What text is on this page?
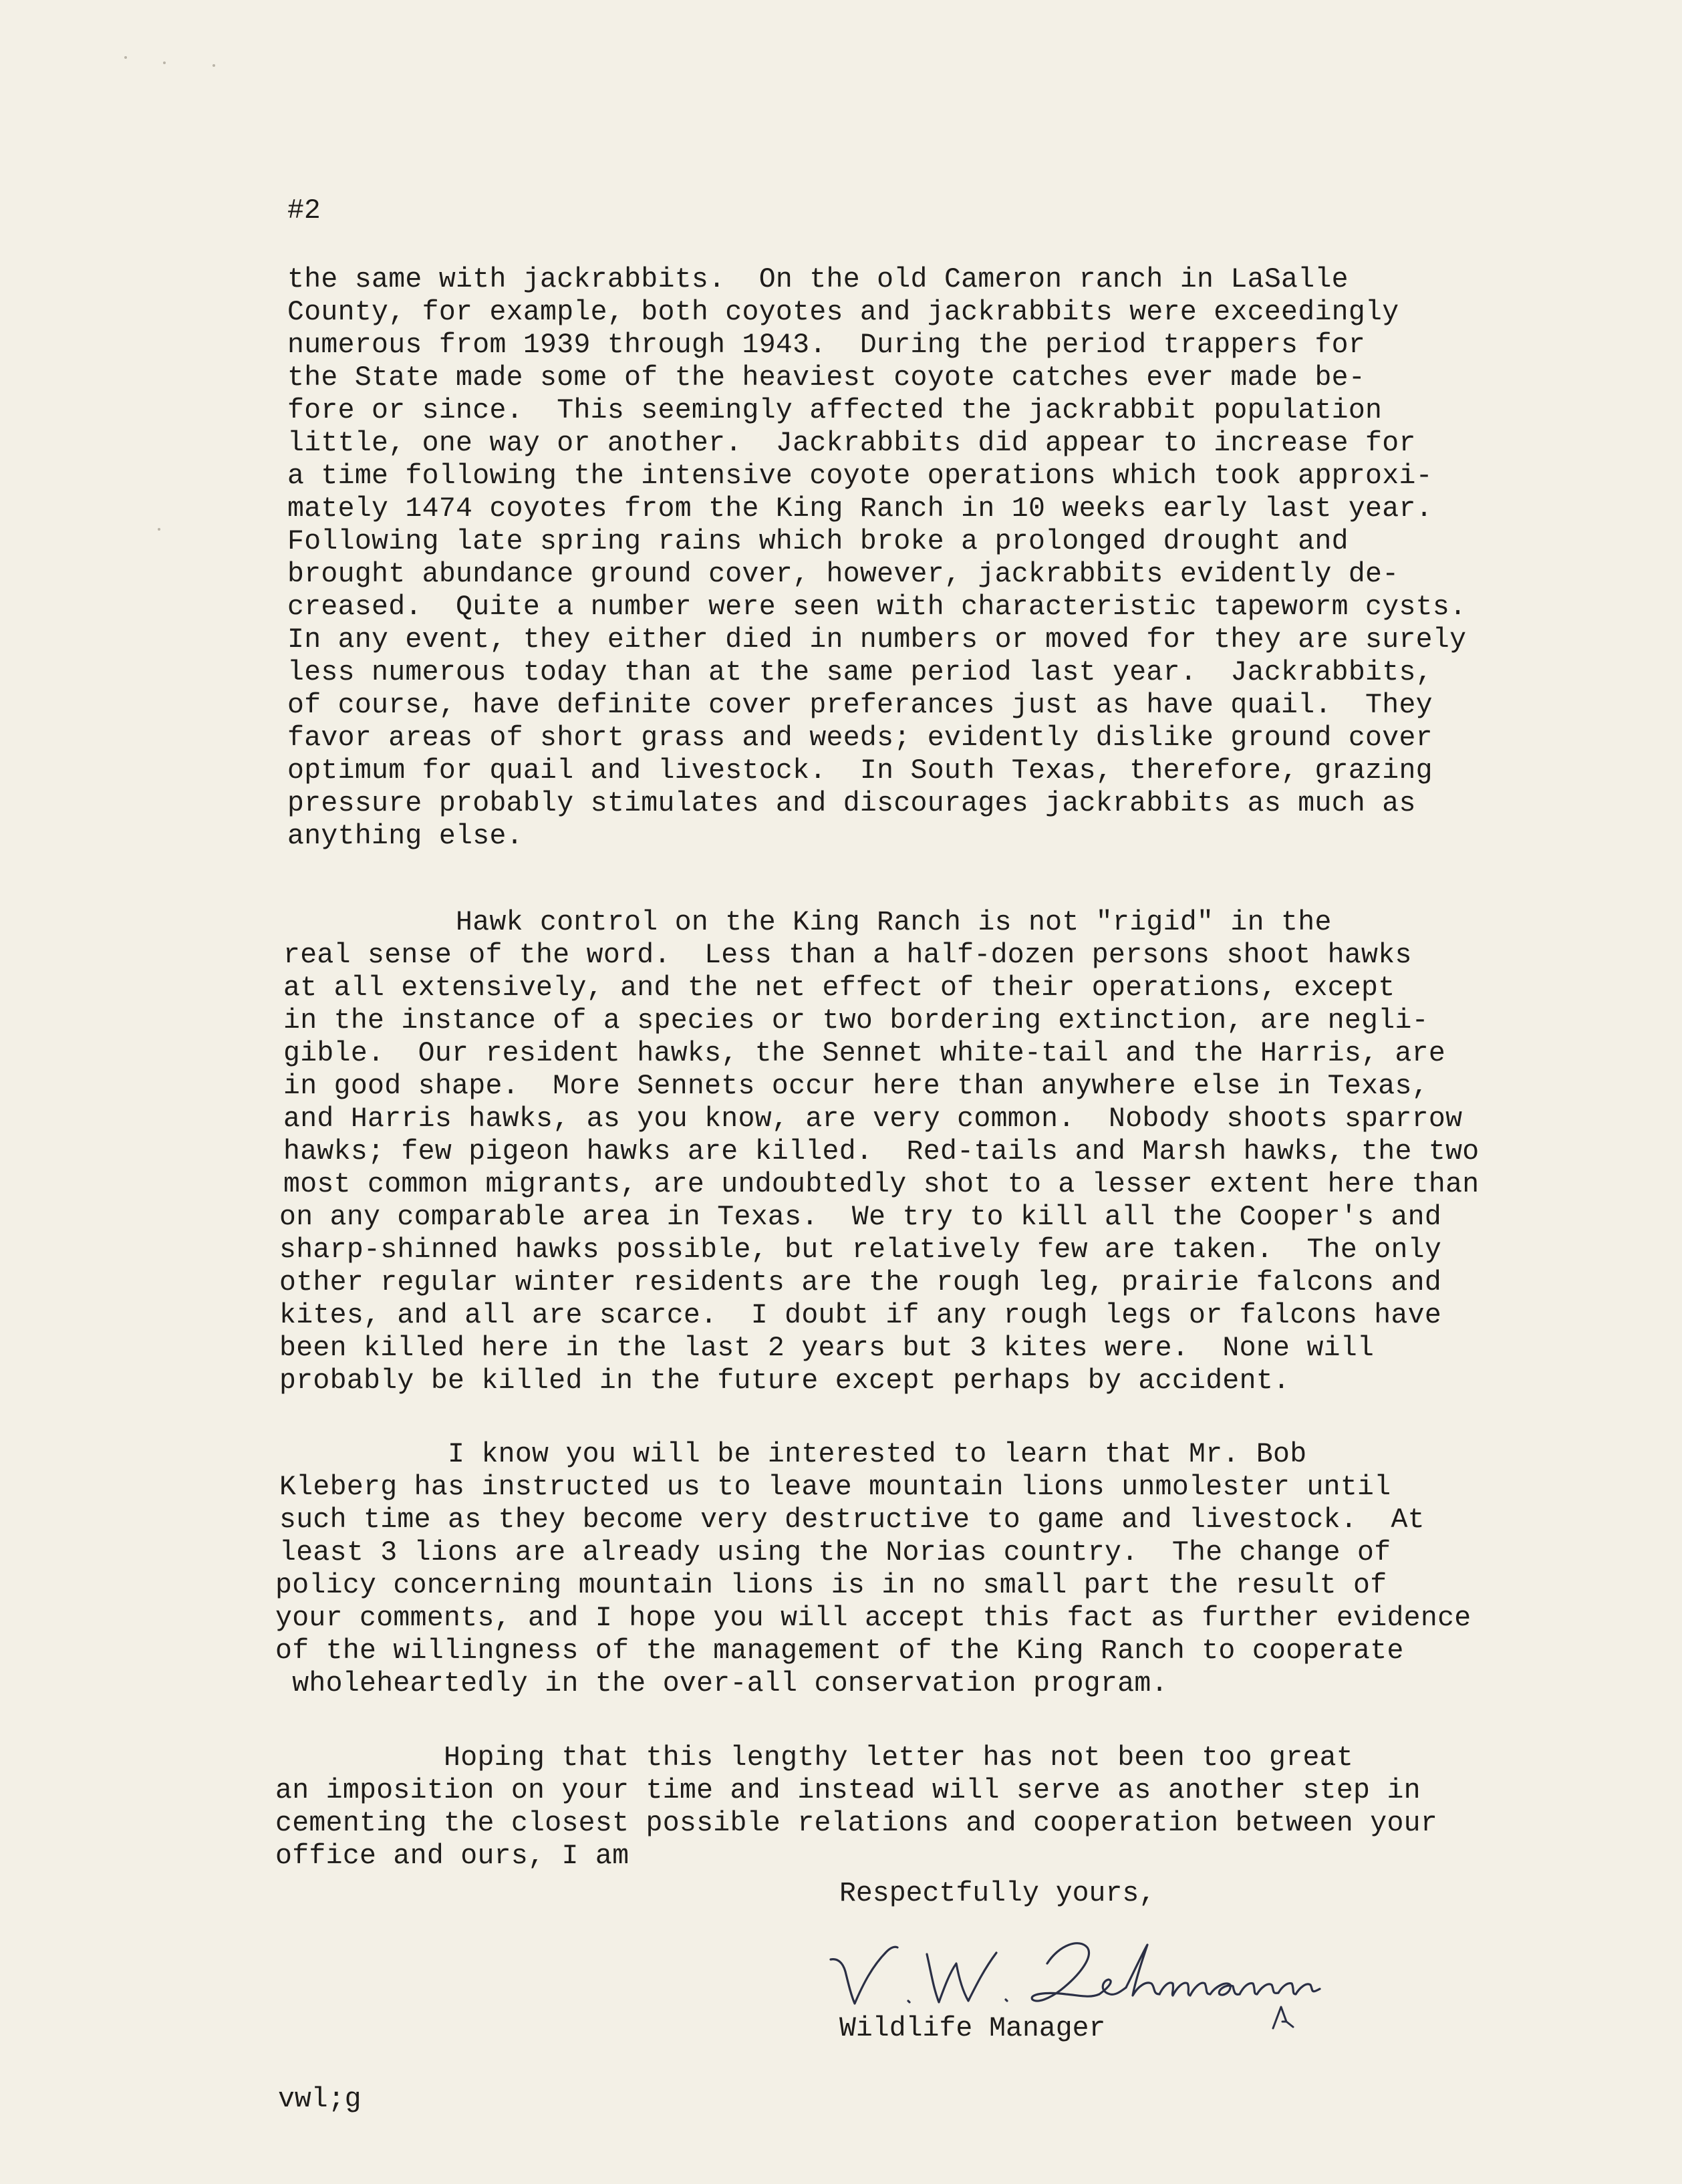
#2
the same with jackrabbits.  On the old Cameron ranch in LaSalle
County, for example, both coyotes and jackrabbits were exceedingly
numerous from 1939 through 1943.  During the period trappers for
the State made some of the heaviest coyote catches ever made be-
fore or since.  This seemingly affected the jackrabbit population
little, one way or another.  Jackrabbits did appear to increase for
a time following the intensive coyote operations which took approxi-
mately 1474 coyotes from the King Ranch in 10 weeks early last year.
Following late spring rains which broke a prolonged drought and
brought abundance ground cover, however, jackrabbits evidently de-
creased.  Quite a number were seen with characteristic tapeworm cysts.
In any event, they either died in numbers or moved for they are surely
less numerous today than at the same period last year.  Jackrabbits,
of course, have definite cover preferances just as have quail.  They
favor areas of short grass and weeds; evidently dislike ground cover
optimum for quail and livestock.  In South Texas, therefore, grazing
pressure probably stimulates and discourages jackrabbits as much as
anything else.
Hawk control on the King Ranch is not "rigid" in the
real sense of the word.  Less than a half-dozen persons shoot hawks
at all extensively, and the net effect of their operations, except
in the instance of a species or two bordering extinction, are negli-
gible.  Our resident hawks, the Sennet white-tail and the Harris, are
in good shape.  More Sennets occur here than anywhere else in Texas,
and Harris hawks, as you know, are very common.  Nobody shoots sparrow
hawks; few pigeon hawks are killed.  Red-tails and Marsh hawks, the two
most common migrants, are undoubtedly shot to a lesser extent here than
on any comparable area in Texas.  We try to kill all the Cooper's and
sharp-shinned hawks possible, but relatively few are taken.  The only
other regular winter residents are the rough leg, prairie falcons and
kites, and all are scarce.  I doubt if any rough legs or falcons have
been killed here in the last 2 years but 3 kites were.  None will
probably be killed in the future except perhaps by accident.
I know you will be interested to learn that Mr. Bob
Kleberg has instructed us to leave mountain lions unmolester until
such time as they become very destructive to game and livestock.  At
least 3 lions are already using the Norias country.  The change of
policy concerning mountain lions is in no small part the result of
your comments, and I hope you will accept this fact as further evidence
of the willingness of the management of the King Ranch to cooperate
wholeheartedly in the over-all conservation program.
Hoping that this lengthy letter has not been too great
an imposition on your time and instead will serve as another step in
cementing the closest possible relations and cooperation between your
office and ours, I am
Respectfully yours,
Wildlife Manager
vwl;g
